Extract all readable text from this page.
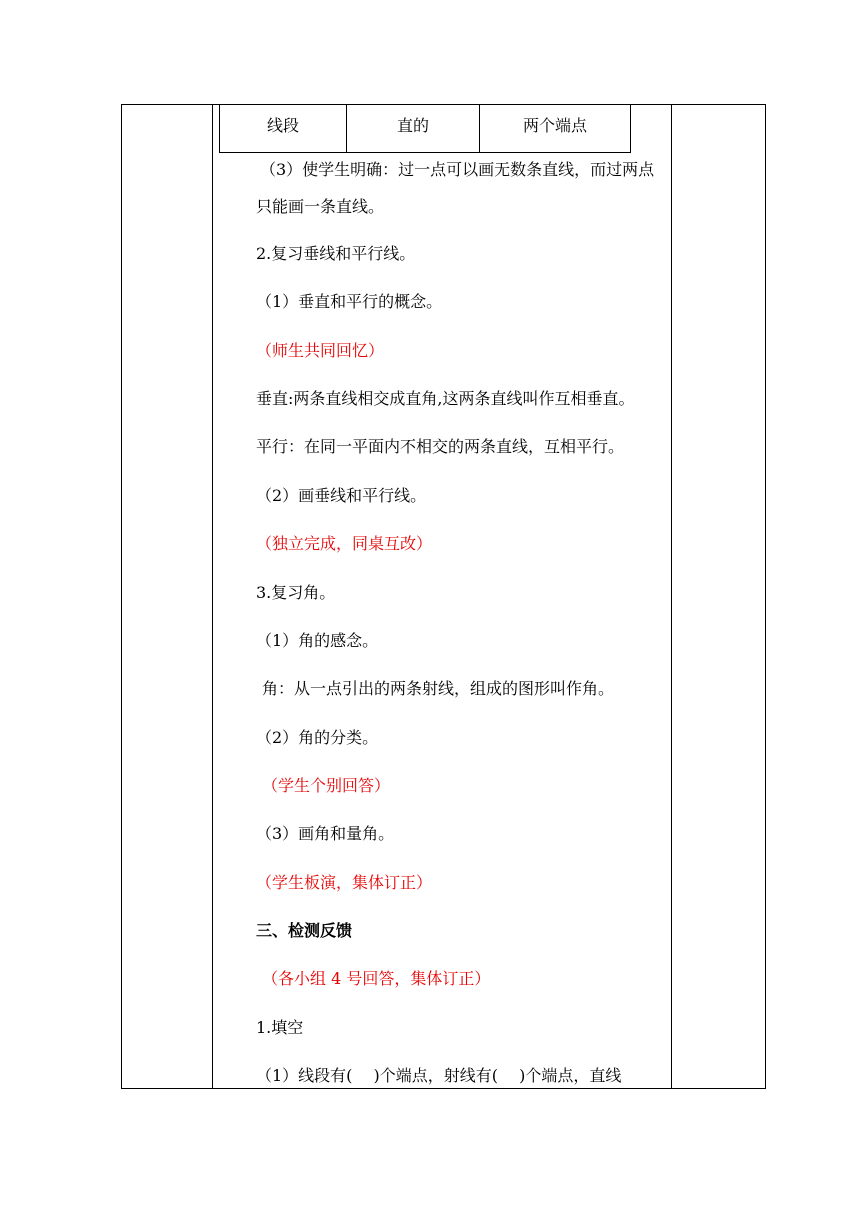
线段	直的	两个端点
（3）使学生明确：过一点可以画无数条直线，而过两点
只能画一条直线。
2.复习垂线和平行线。
（1）垂直和平行的概念。
（师生共同回忆）
垂直:两条直线相交成直角,这两条直线叫作互相垂直。
平行：在同一平面内不相交的两条直线，互相平行。
（2）画垂线和平行线。
（独立完成，同桌互改）
3.复习角。
（1）角的感念。
角：从一点引出的两条射线，组成的图形叫作角。
（2）角的分类。
（学生个别回答）
（3）画角和量角。
（学生板演，集体订正）
三、检测反馈
（各小组 4 号回答，集体订正）
1.填空
（1）线段有(　 )个端点，射线有(　 )个端点，直线
